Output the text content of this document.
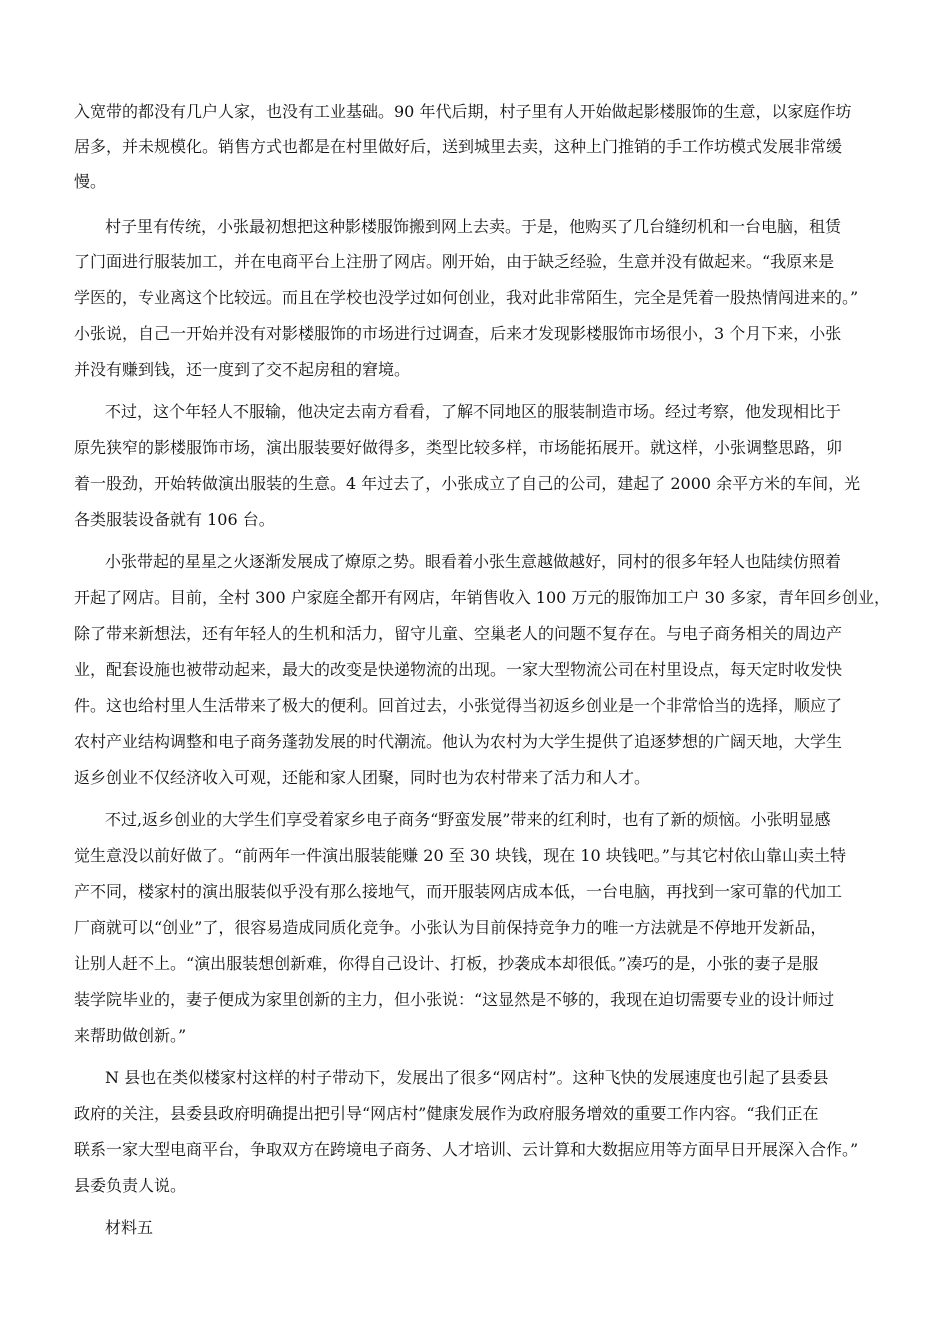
入宽带的都没有几户人家，也没有工业基础。90 年代后期，村子里有人开始做起影楼服饰的生意，以家庭作坊
居多，并未规模化。销售方式也都是在村里做好后，送到城里去卖，这种上门推销的手工作坊模式发展非常缓
慢。
村子里有传统，小张最初想把这种影楼服饰搬到网上去卖。于是，他购买了几台缝纫机和一台电脑，租赁
了门面进行服装加工，并在电商平台上注册了网店。刚开始，由于缺乏经验，生意并没有做起来。“我原来是
学医的，专业离这个比较远。而且在学校也没学过如何创业，我对此非常陌生，完全是凭着一股热情闯进来的。”
小张说，自己一开始并没有对影楼服饰的市场进行过调查，后来才发现影楼服饰市场很小，3 个月下来，小张
并没有赚到钱，还一度到了交不起房租的窘境。
不过，这个年轻人不服输，他决定去南方看看，了解不同地区的服装制造市场。经过考察，他发现相比于
原先狭窄的影楼服饰市场，演出服装要好做得多，类型比较多样，市场能拓展开。就这样，小张调整思路，卯
着一股劲，开始转做演出服装的生意。4 年过去了，小张成立了自己的公司，建起了 2000 余平方米的车间，光
各类服装设备就有 106 台。
小张带起的星星之火逐渐发展成了燎原之势。眼看着小张生意越做越好，同村的很多年轻人也陆续仿照着
开起了网店。目前，全村 300 户家庭全都开有网店，年销售收入 100 万元的服饰加工户 30 多家，青年回乡创业，
除了带来新想法，还有年轻人的生机和活力，留守儿童、空巢老人的问题不复存在。与电子商务相关的周边产
业，配套设施也被带动起来，最大的改变是快递物流的出现。一家大型物流公司在村里设点，每天定时收发快
件。这也给村里人生活带来了极大的便利。回首过去，小张觉得当初返乡创业是一个非常恰当的选择，顺应了
农村产业结构调整和电子商务蓬勃发展的时代潮流。他认为农村为大学生提供了追逐梦想的广阔天地，大学生
返乡创业不仅经济收入可观，还能和家人团聚，同时也为农村带来了活力和人才。
不过,返乡创业的大学生们享受着家乡电子商务“野蛮发展”带来的红利时，也有了新的烦恼。小张明显感
觉生意没以前好做了。“前两年一件演出服装能赚 20 至 30 块钱，现在 10 块钱吧。”与其它村依山靠山卖土特
产不同，楼家村的演出服装似乎没有那么接地气，而开服装网店成本低，一台电脑，再找到一家可靠的代加工
厂商就可以“创业”了，很容易造成同质化竞争。小张认为目前保持竞争力的唯一方法就是不停地开发新品，
让别人赶不上。“演出服装想创新难，你得自己设计、打板，抄袭成本却很低。”凑巧的是，小张的妻子是服
装学院毕业的，妻子便成为家里创新的主力，但小张说：“这显然是不够的，我现在迫切需要专业的设计师过
来帮助做创新。”
N 县也在类似楼家村这样的村子带动下，发展出了很多“网店村”。这种飞快的发展速度也引起了县委县
政府的关注，县委县政府明确提出把引导“网店村”健康发展作为政府服务增效的重要工作内容。“我们正在
联系一家大型电商平台，争取双方在跨境电子商务、人才培训、云计算和大数据应用等方面早日开展深入合作。”
县委负责人说。
材料五
